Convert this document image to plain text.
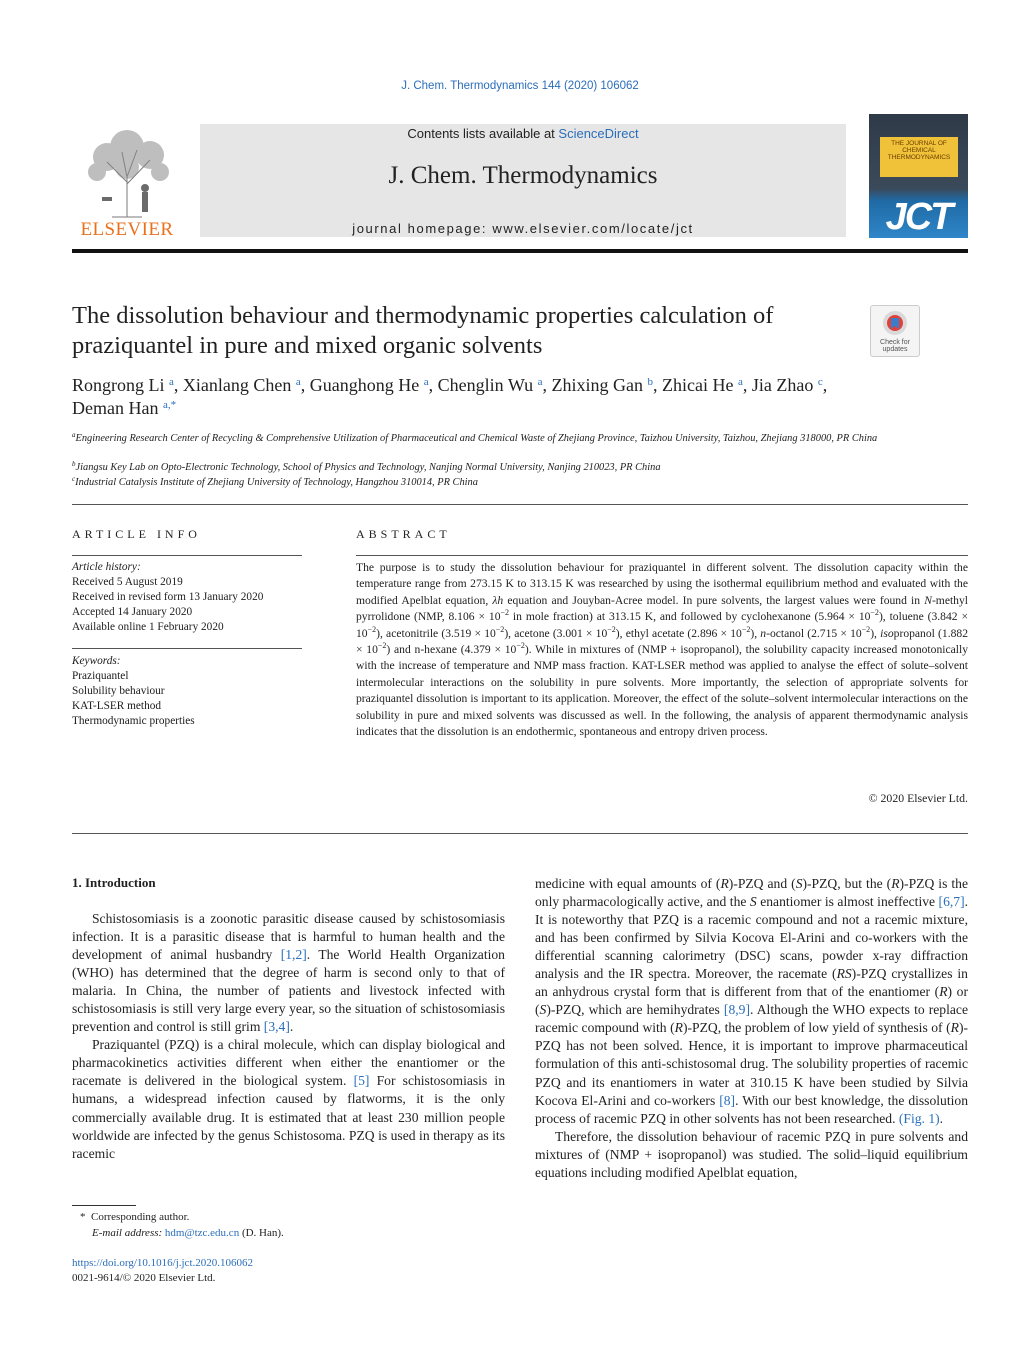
J. Chem. Thermodynamics 144 (2020) 106062
ELSEVIER
Contents lists available at ScienceDirect
J. Chem. Thermodynamics
journal homepage: www.elsevier.com/locate/jct
THE JOURNAL OF CHEMICAL THERMODYNAMICS
JCT
The dissolution behaviour and thermodynamic properties calculation of praziquantel in pure and mixed organic solvents	Check for updates
Rongrong Li $^a$, Xianlang Chen $^a$, Guanghong He $^a$, Chenglin Wu $^a$, Zhixing Gan $^b$, Zhicai He $^a$, Jia Zhao $^c$,
Deman Han $^{a,*}$
$^a$Engineering Research Center of Recycling & Comprehensive Utilization of Pharmaceutical and Chemical Waste of Zhejiang Province, Taizhou University, Taizhou, Zhejiang 318000, PR China
$^b$Jiangsu Key Lab on Opto-Electronic Technology, School of Physics and Technology, Nanjing Normal University, Nanjing 210023, PR China
$^c$Industrial Catalysis Institute of Zhejiang University of Technology, Hangzhou 310014, PR China
ARTICLE INFO
Article history:
Received 5 August 2019
Received in revised form 13 January 2020
Accepted 14 January 2020
Available online 1 February 2020
Keywords:
Praziquantel
Solubility behaviour
KAT-LSER method
Thermodynamic properties
ABSTRACT
The purpose is to study the dissolution behaviour for praziquantel in different solvent. The dissolution capacity within the temperature range from 273.15 K to 313.15 K was researched by using the isothermal equilibrium method and evaluated with the modified Apelblat equation, λh equation and Jouyban-Acree model. In pure solvents, the largest values were found in N-methyl pyrrolidone (NMP, $8.106 \times 10^{-2}$ in mole fraction) at 313.15 K, and followed by cyclohexanone $(5.964 \times 10^{-2})$, toluene $(3.842 \times 10^{-2})$, acetonitrile $(3.519 \times 10^{-2})$, acetone $(3.001 \times 10^{-2})$, ethyl acetate $(2.896 \times 10^{-2})$, n-octanol $(2.715 \times 10^{-2})$, isopropanol $(1.882 \times 10^{-2})$ and n-hexane $(4.379 \times 10^{-2})$. While in mixtures of (NMP + isopropanol), the solubility capacity increased monotonically with the increase of temperature and NMP mass fraction. KAT-LSER method was applied to analyse the effect of solute–solvent intermolecular interactions on the solubility in pure solvents. More importantly, the selection of appropriate solvents for praziquantel dissolution is important to its application. Moreover, the effect of the solute–solvent intermolecular interactions on the solubility in pure and mixed solvents was discussed as well. In the following, the analysis of apparent thermodynamic analysis indicates that the dissolution is an endothermic, spontaneous and entropy driven process.
© 2020 Elsevier Ltd.
1. Introduction

Schistosomiasis is a zoonotic parasitic disease caused by schistosomiasis infection. It is a parasitic disease that is harmful to human health and the development of animal husbandry [1,2]. The World Health Organization (WHO) has determined that the degree of harm is second only to that of malaria. In China, the number of patients and livestock infected with schistosomiasis is still very large every year, so the situation of schistosomiasis prevention and control is still grim [3,4].

Praziquantel (PZQ) is a chiral molecule, which can display biological and pharmacokinetics activities different when either the enantiomer or the racemate is delivered in the biological system. [5] For schistosomiasis in humans, a widespread infection caused by flatworms, it is the only commercially available drug. It is estimated that at least 230 million people worldwide are infected by the genus Schistosoma. PZQ is used in therapy as its racemic

medicine with equal amounts of (R)-PZQ and (S)-PZQ, but the (R)-PZQ is the only pharmacologically active, and the S enantiomer is almost ineffective [6,7]. It is noteworthy that PZQ is a racemic compound and not a racemic mixture, and has been confirmed by Silvia Kocova El-Arini and co-workers with the differential scanning calorimetry (DSC) scans, powder x-ray diffraction analysis and the IR spectra. Moreover, the racemate (RS)-PZQ crystallizes in an anhydrous crystal form that is different from that of the enantiomer (R) or (S)-PZQ, which are hemihydrates [8,9]. Although the WHO expects to replace racemic compound with (R)-PZQ, the problem of low yield of synthesis of (R)-PZQ has not been solved. Hence, it is important to improve pharmaceutical formulation of this anti-schistosomal drug. The solubility properties of racemic PZQ and its enantiomers in water at 310.15 K have been studied by Silvia Kocova El-Arini and co-workers [8]. With our best knowledge, the dissolution process of racemic PZQ in other solvents has not been researched. (Fig. 1).

Therefore, the dissolution behaviour of racemic PZQ in pure solvents and mixtures of (NMP + isopropanol) was studied. The solid–liquid equilibrium equations including modified Apelblat equation,

*  Corresponding author.
E-mail address: hdm@tzc.edu.cn (D. Han).
https://doi.org/10.1016/j.jct.2020.106062
0021-9614/© 2020 Elsevier Ltd.
